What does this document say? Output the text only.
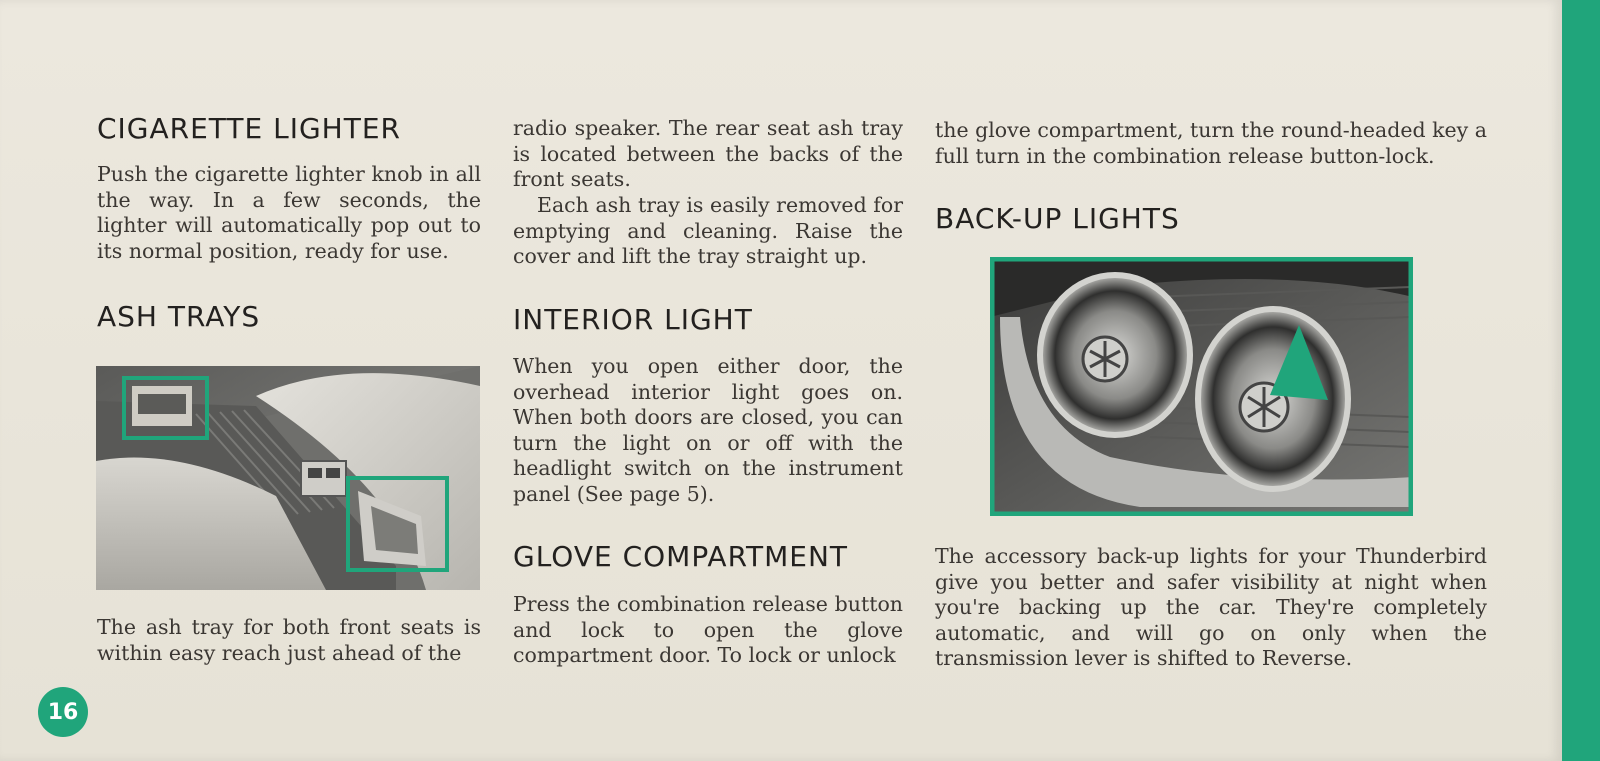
CIGARETTE LIGHTER

Push the cigarette lighter knob in all the way. In a few seconds, the lighter will automatically pop out to its normal position, ready for use.

ASH TRAYS

The ash tray for both front seats is within easy reach just ahead of the

radio speaker. The rear seat ash tray is located between the backs of the front seats.

Each ash tray is easily removed for emptying and cleaning. Raise the cover and lift the tray straight up.

INTERIOR LIGHT

When you open either door, the overhead interior light goes on. When both doors are closed, you can turn the light on or off with the headlight switch on the instrument panel (See page 5).

GLOVE COMPARTMENT

Press the combination release button and lock to open the glove compartment door. To lock or unlock

the glove compartment, turn the round-headed key a full turn in the combination release button-lock.

BACK-UP LIGHTS

The accessory back-up lights for your Thunderbird give you better and safer visibility at night when you're backing up the car. They're completely automatic, and will go on only when the transmission lever is shifted to Reverse.

16
